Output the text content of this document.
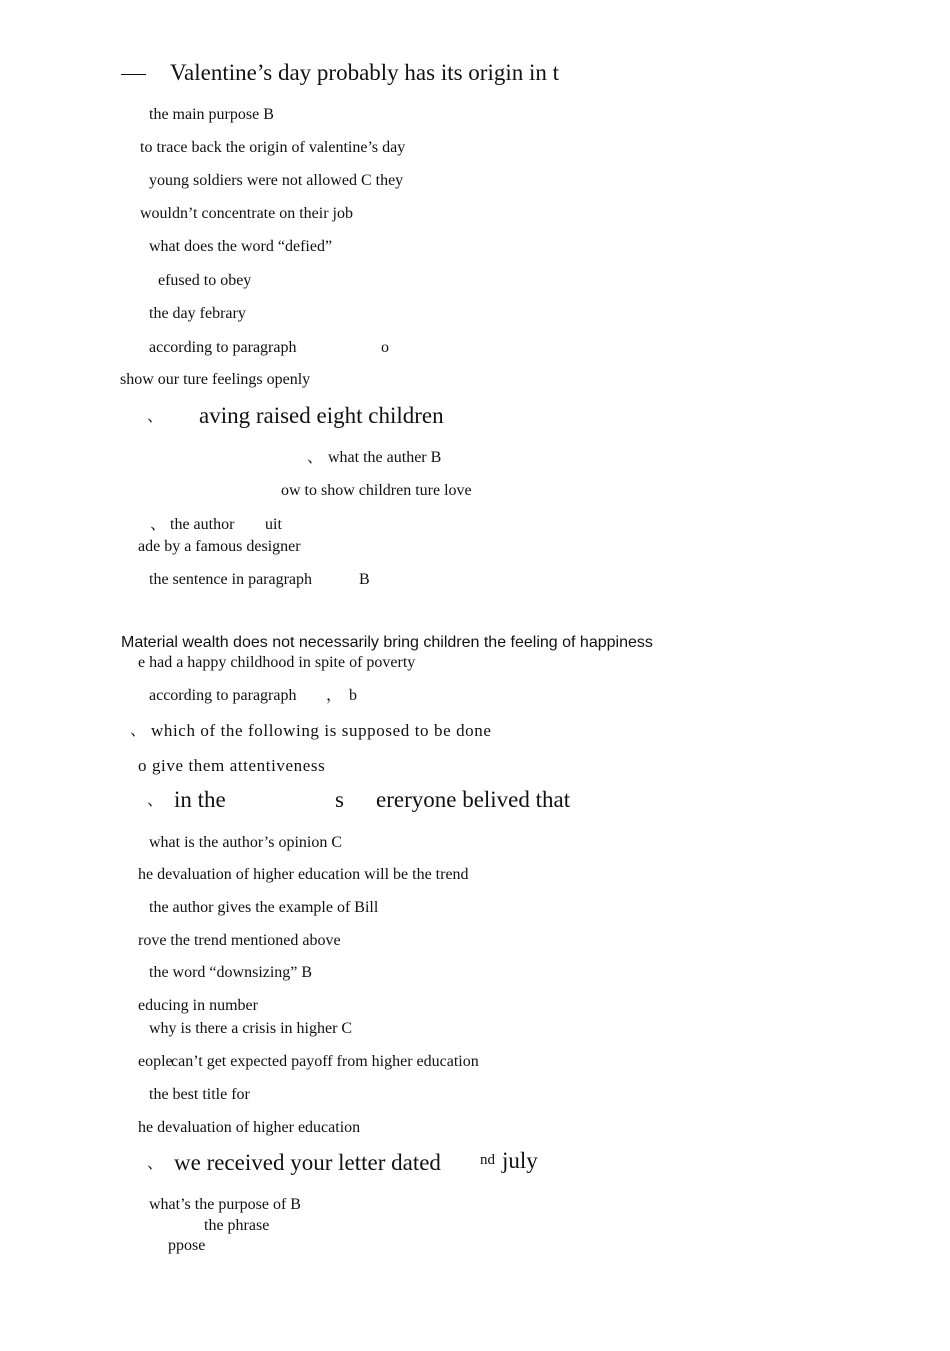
Valentine’s day probably has its origin in t
the main purpose B
to trace back the origin of valentine’s day
young soldiers were not allowed C they
wouldn’t concentrate on their job
what does the word “defied”
efused to obey
the day febrary
according to paragraph	o
show our ture feelings openly
、 aving raised eight children
、 what the auther B
ow to show children ture love
、 the author uit
ade by a famous designer
the sentence in paragraph	B
Material wealth does not necessarily bring children the feeling of happiness
e had a happy childhood in spite of poverty
according to paragraph ， b
、 which of the following is supposed to be done
o give them attentiveness
、 in the	s ereryone belived that
what is the author’s opinion C
he devaluation of higher education will be the trend
the author gives the example of Bill
rove the trend mentioned above
the word “downsizing” B
educing in number
why is there a crisis in higher C
eople
can’t get expected payoff from higher education
the best title for
he devaluation of higher education
、 we received your letter dated	nd july
what’s the purpose of B
the phrase
ppose
